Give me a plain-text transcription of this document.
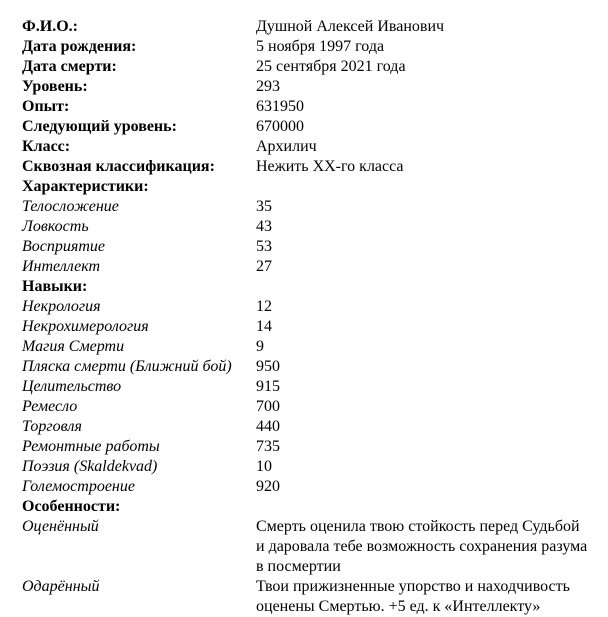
Ф.И.О.:	Душной Алексей Иванович
Дата рождения:	5 ноября 1997 года
Дата смерти:	25 сентября 2021 года
Уровень:	293
Опыт:	631950
Следующий уровень:	670000
Класс:	Архилич
Сквозная классификация:	Нежить XX-го класса
Характеристики:
Телосложение	35
Ловкость	43
Восприятие	53
Интеллект	27
Навыки:
Некрология	12
Некрохимерология	14
Магия Смерти	9
Пляска смерти (Ближний бой)	950
Целительство	915
Ремесло	700
Торговля	440
Ремонтные работы	735
Поэзия (Skaldekvad)	10
Големостроение	920
Особенности:
Оценённый	Смерть оценила твою стойкость перед Судьбой и даровала тебе возможность сохранения разума в посмертии
Одарённый	Твои прижизненные упорство и находчивость оценены Смертью. +5 ед. к «Интеллекту»
